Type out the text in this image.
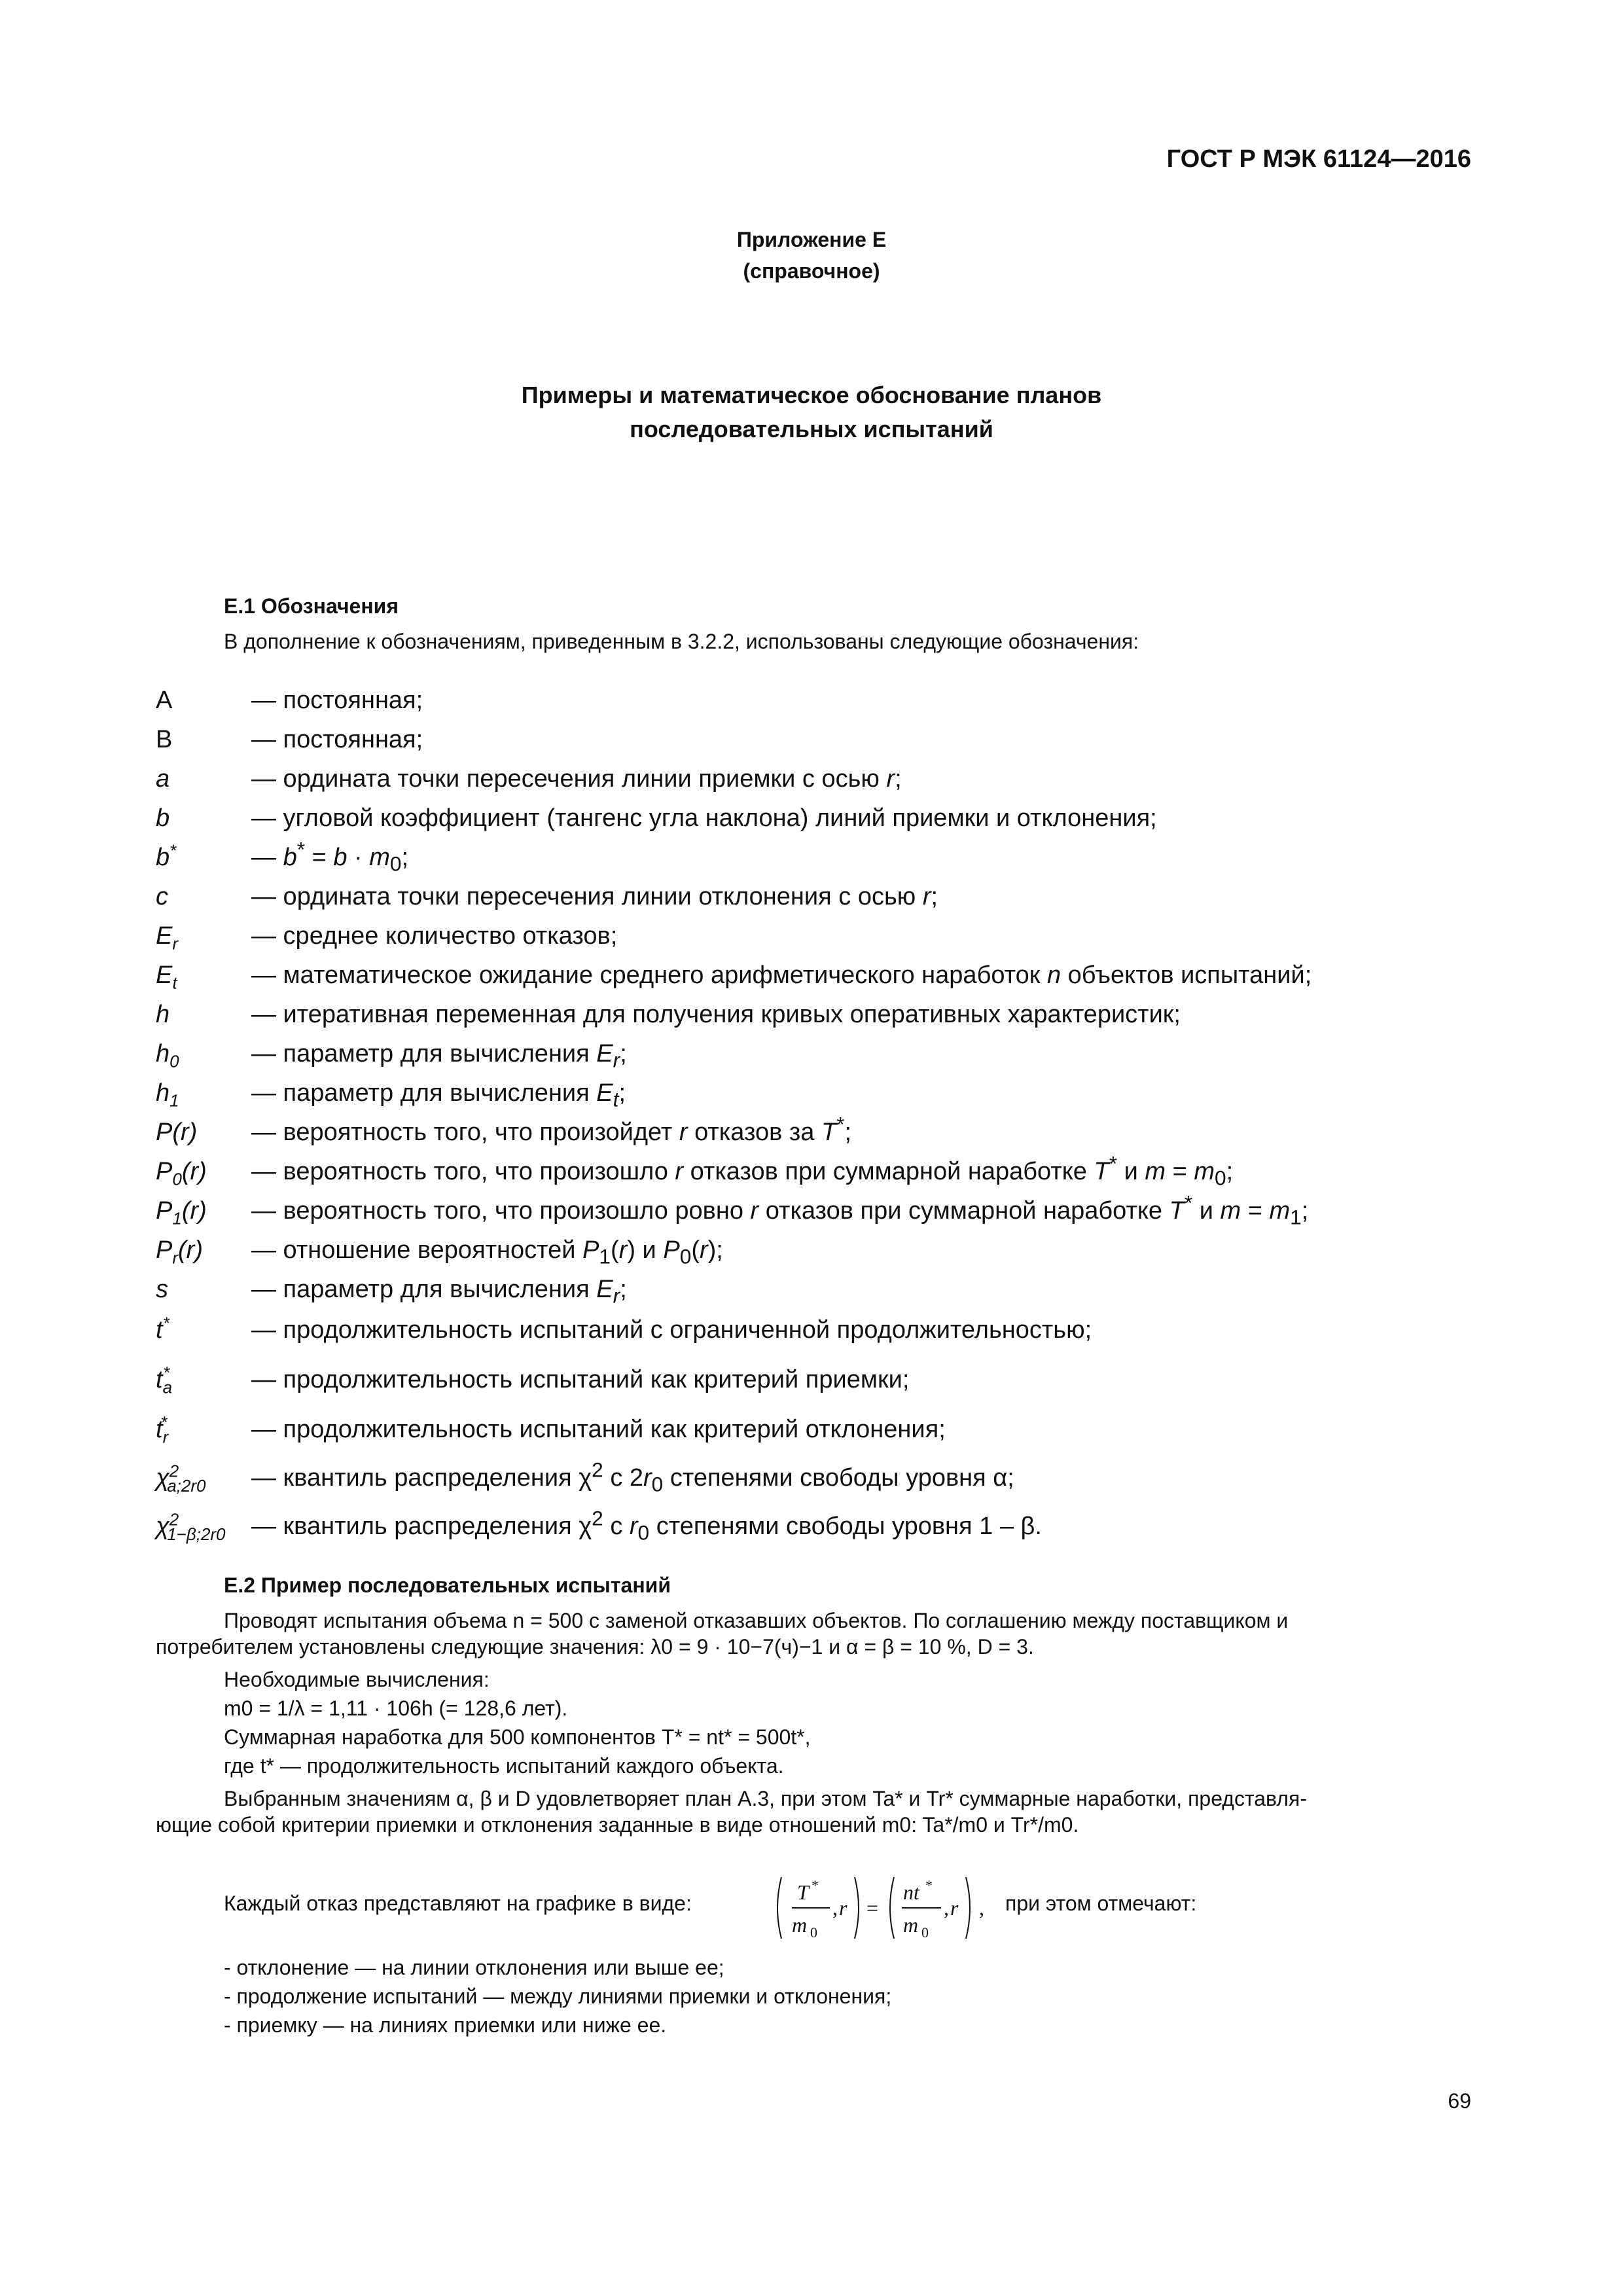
ГОСТ Р МЭК 61124—2016
Приложение Е
(справочное)
Примеры и математическое обоснование планов
последовательных испытаний
Е.1 Обозначения
В дополнение к обозначениям, приведенным в 3.2.2, использованы следующие обозначения:
A	— постоянная;
B	— постоянная;
a	— ордината точки пересечения линии приемки с осью r;
b	— угловой коэффициент (тангенс угла наклона) линий приемки и отклонения;
b*	— $b^* = b \cdot m_0$;
c	— ордината точки пересечения линии отклонения с осью r;
$E_r$	— среднее количество отказов;
$E_t$	— математическое ожидание среднего арифметического наработок n объектов испытаний;
h	— итеративная переменная для получения кривых оперативных характеристик;
$h_0$	— параметр для вычисления $E_r$;
$h_1$	— параметр для вычисления $E_t$;
P(r) — вероятность того, что произойдет r отказов за T*;
$P_0(r)$ — вероятность того, что произошло r отказов при суммарной наработке T* и $m = m_0$;
$P_1(r)$ — вероятность того, что произошло ровно r отказов при суммарной наработке T* и $m = m_1$;
$P_r(r)$ — отношение вероятностей $P_1(r)$ и $P_0(r)$;
s	— параметр для вычисления $E_r$;
t*	— продолжительность испытаний с ограниченной продолжительностью;
$t_a^*$	— продолжительность испытаний как критерий приемки;
$t_r^*$	— продолжительность испытаний как критерий отклонения;
$\chi^2_{a;2r0}$ — квантиль распределения $\chi^2$ с $2r_0$ степенями свободы уровня α;
$\chi^2_{1-\beta;2r0}$ — квантиль распределения $\chi^2$ с $r_0$ степенями свободы уровня 1 – β.
Е.2 Пример последовательных испытаний
Проводят испытания объема n = 500 с заменой отказавших объектов. По соглашению между поставщиком и
потребителем установлены следующие значения: λ0 = 9 · 10−7(ч)−1 и α = β = 10 %, D = 3.
Необходимые вычисления:
m0 = 1/λ = 1,11 · 106h (= 128,6 лет).
Суммарная наработка для 500 компонентов T* = nt* = 500t*,
где t* — продолжительность испытаний каждого объекта.
Выбранным значениям α, β и D удовлетворяет план А.3, при этом Ta* и Tr* суммарные наработки, представля-
ющие собой критерии приемки и отклонения заданные в виде отношений m0: Ta*/m0 и Tr*/m0.
Каждый отказ представляют на графике в виде:	T *
m 0
, r =
nt *
m 0
, r , при этом отмечают:
- отклонение — на линии отклонения или выше ее;
- продолжение испытаний — между линиями приемки и отклонения;
- приемку — на линиях приемки или ниже ее.
69
